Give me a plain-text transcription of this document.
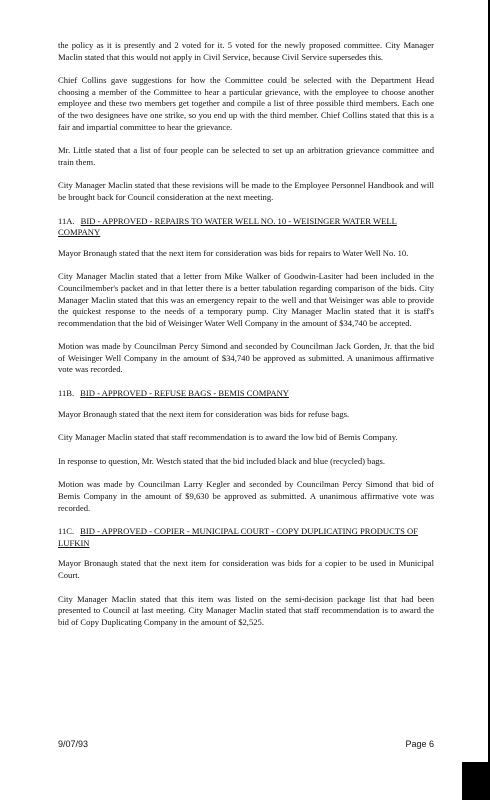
the policy as it is presently and 2 voted for it. 5 voted for the newly proposed committee. City Manager Maclin stated that this would not apply in Civil Service, because Civil Service supersedes this.

Chief Collins gave suggestions for how the Committee could be selected with the Department Head choosing a member of the Committee to hear a particular grievance, with the employee to choose another employee and these two members get together and compile a list of three possible third members. Each one of the two designees have one strike, so you end up with the third member. Chief Collins stated that this is a fair and impartial committee to hear the grievance.

Mr. Little stated that a list of four people can be selected to set up an arbitration grievance committee and train them.

City Manager Maclin stated that these revisions will be made to the Employee Personnel Handbook and will be brought back for Council consideration at the next meeting.

11A. BID - APPROVED - REPAIRS TO WATER WELL NO. 10 - WEISINGER WATER WELL COMPANY

Mayor Bronaugh stated that the next item for consideration was bids for repairs to Water Well No. 10.

City Manager Maclin stated that a letter from Mike Walker of Goodwin-Lasiter had been included in the Councilmember's packet and in that letter there is a better tabulation regarding comparison of the bids. City Manager Maclin stated that this was an emergency repair to the well and that Weisinger was able to provide the quickest response to the needs of a temporary pump. City Manager Maclin stated that it is staff's recommendation that the bid of Weisinger Water Well Company in the amount of $34,740 be accepted.

Motion was made by Councilman Percy Simond and seconded by Councilman Jack Gorden, Jr. that the bid of Weisinger Well Company in the amount of $34,740 be approved as submitted. A unanimous affirmative vote was recorded.

11B. BID - APPROVED - REFUSE BAGS - BEMIS COMPANY

Mayor Bronaugh stated that the next item for consideration was bids for refuse bags.

City Manager Maclin stated that staff recommendation is to award the low bid of Bemis Company.

In response to question, Mr. Westch stated that the bid included black and blue (recycled) bags.

Motion was made by Councilman Larry Kegler and seconded by Councilman Percy Simond that bid of Bemis Company in the amount of $9,630 be approved as submitted. A unanimous affirmative vote was recorded.

11C. BID - APPROVED - COPIER - MUNICIPAL COURT - COPY DUPLICATING PRODUCTS OF LUFKIN

Mayor Bronaugh stated that the next item for consideration was bids for a copier to be used in Municipal Court.

City Manager Maclin stated that this item was listed on the semi-decision package list that had been presented to Council at last meeting. City Manager Maclin stated that staff recommendation is to award the bid of Copy Duplicating Company in the amount of $2,525.

9/07/93	Page 6
